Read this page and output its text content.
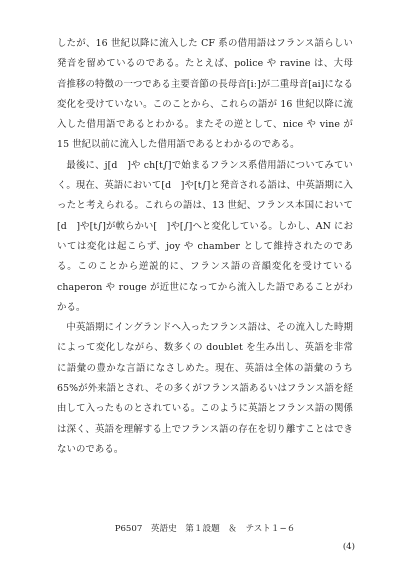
したが、16 世紀以降に流入した CF 系の借用語はフランス語らしい発音を留めているのである。たとえば、police や ravine は、大母音推移の特徴の一つである主要音節の長母音[iː]が二重母音[ai]になる変化を受けていない。このことから、これらの語が 16 世紀以降に流入した借用語であるとわかる。またその逆として、nice や vine が 15 世紀以前に流入した借用語であるとわかるのである。

最後に、j[d　]や ch[t∫]で始まるフランス系借用語についてみていく。現在、英語において[d　]や[t∫]と発音される語は、中英語期に入ったと考えられる。これらの語は、13 世紀、フランス本国において[d　]や[t∫]が軟らかい[　]や[∫]へと変化している。しかし、AN においては変化は起こらず、joy や chamber として維持されたのである。このことから逆説的に、フランス語の音韻変化を受けている chaperon や rouge が近世になってから流入した語であることがわかる。

中英語期にイングランドへ入ったフランス語は、その流入した時期によって変化しながら、数多くの doublet を生み出し、英語を非常に語彙の豊かな言語になさしめた。現在、英語は全体の語彙のうち 65%が外来語とされ、その多くがフランス語あるいはフランス語を経由して入ったものとされている。このように英語とフランス語の関係は深く、英語を理解する上でフランス語の存在を切り離すことはできないのである。

P6507　英語史　第１設題　＆　テスト１−６
(4)
